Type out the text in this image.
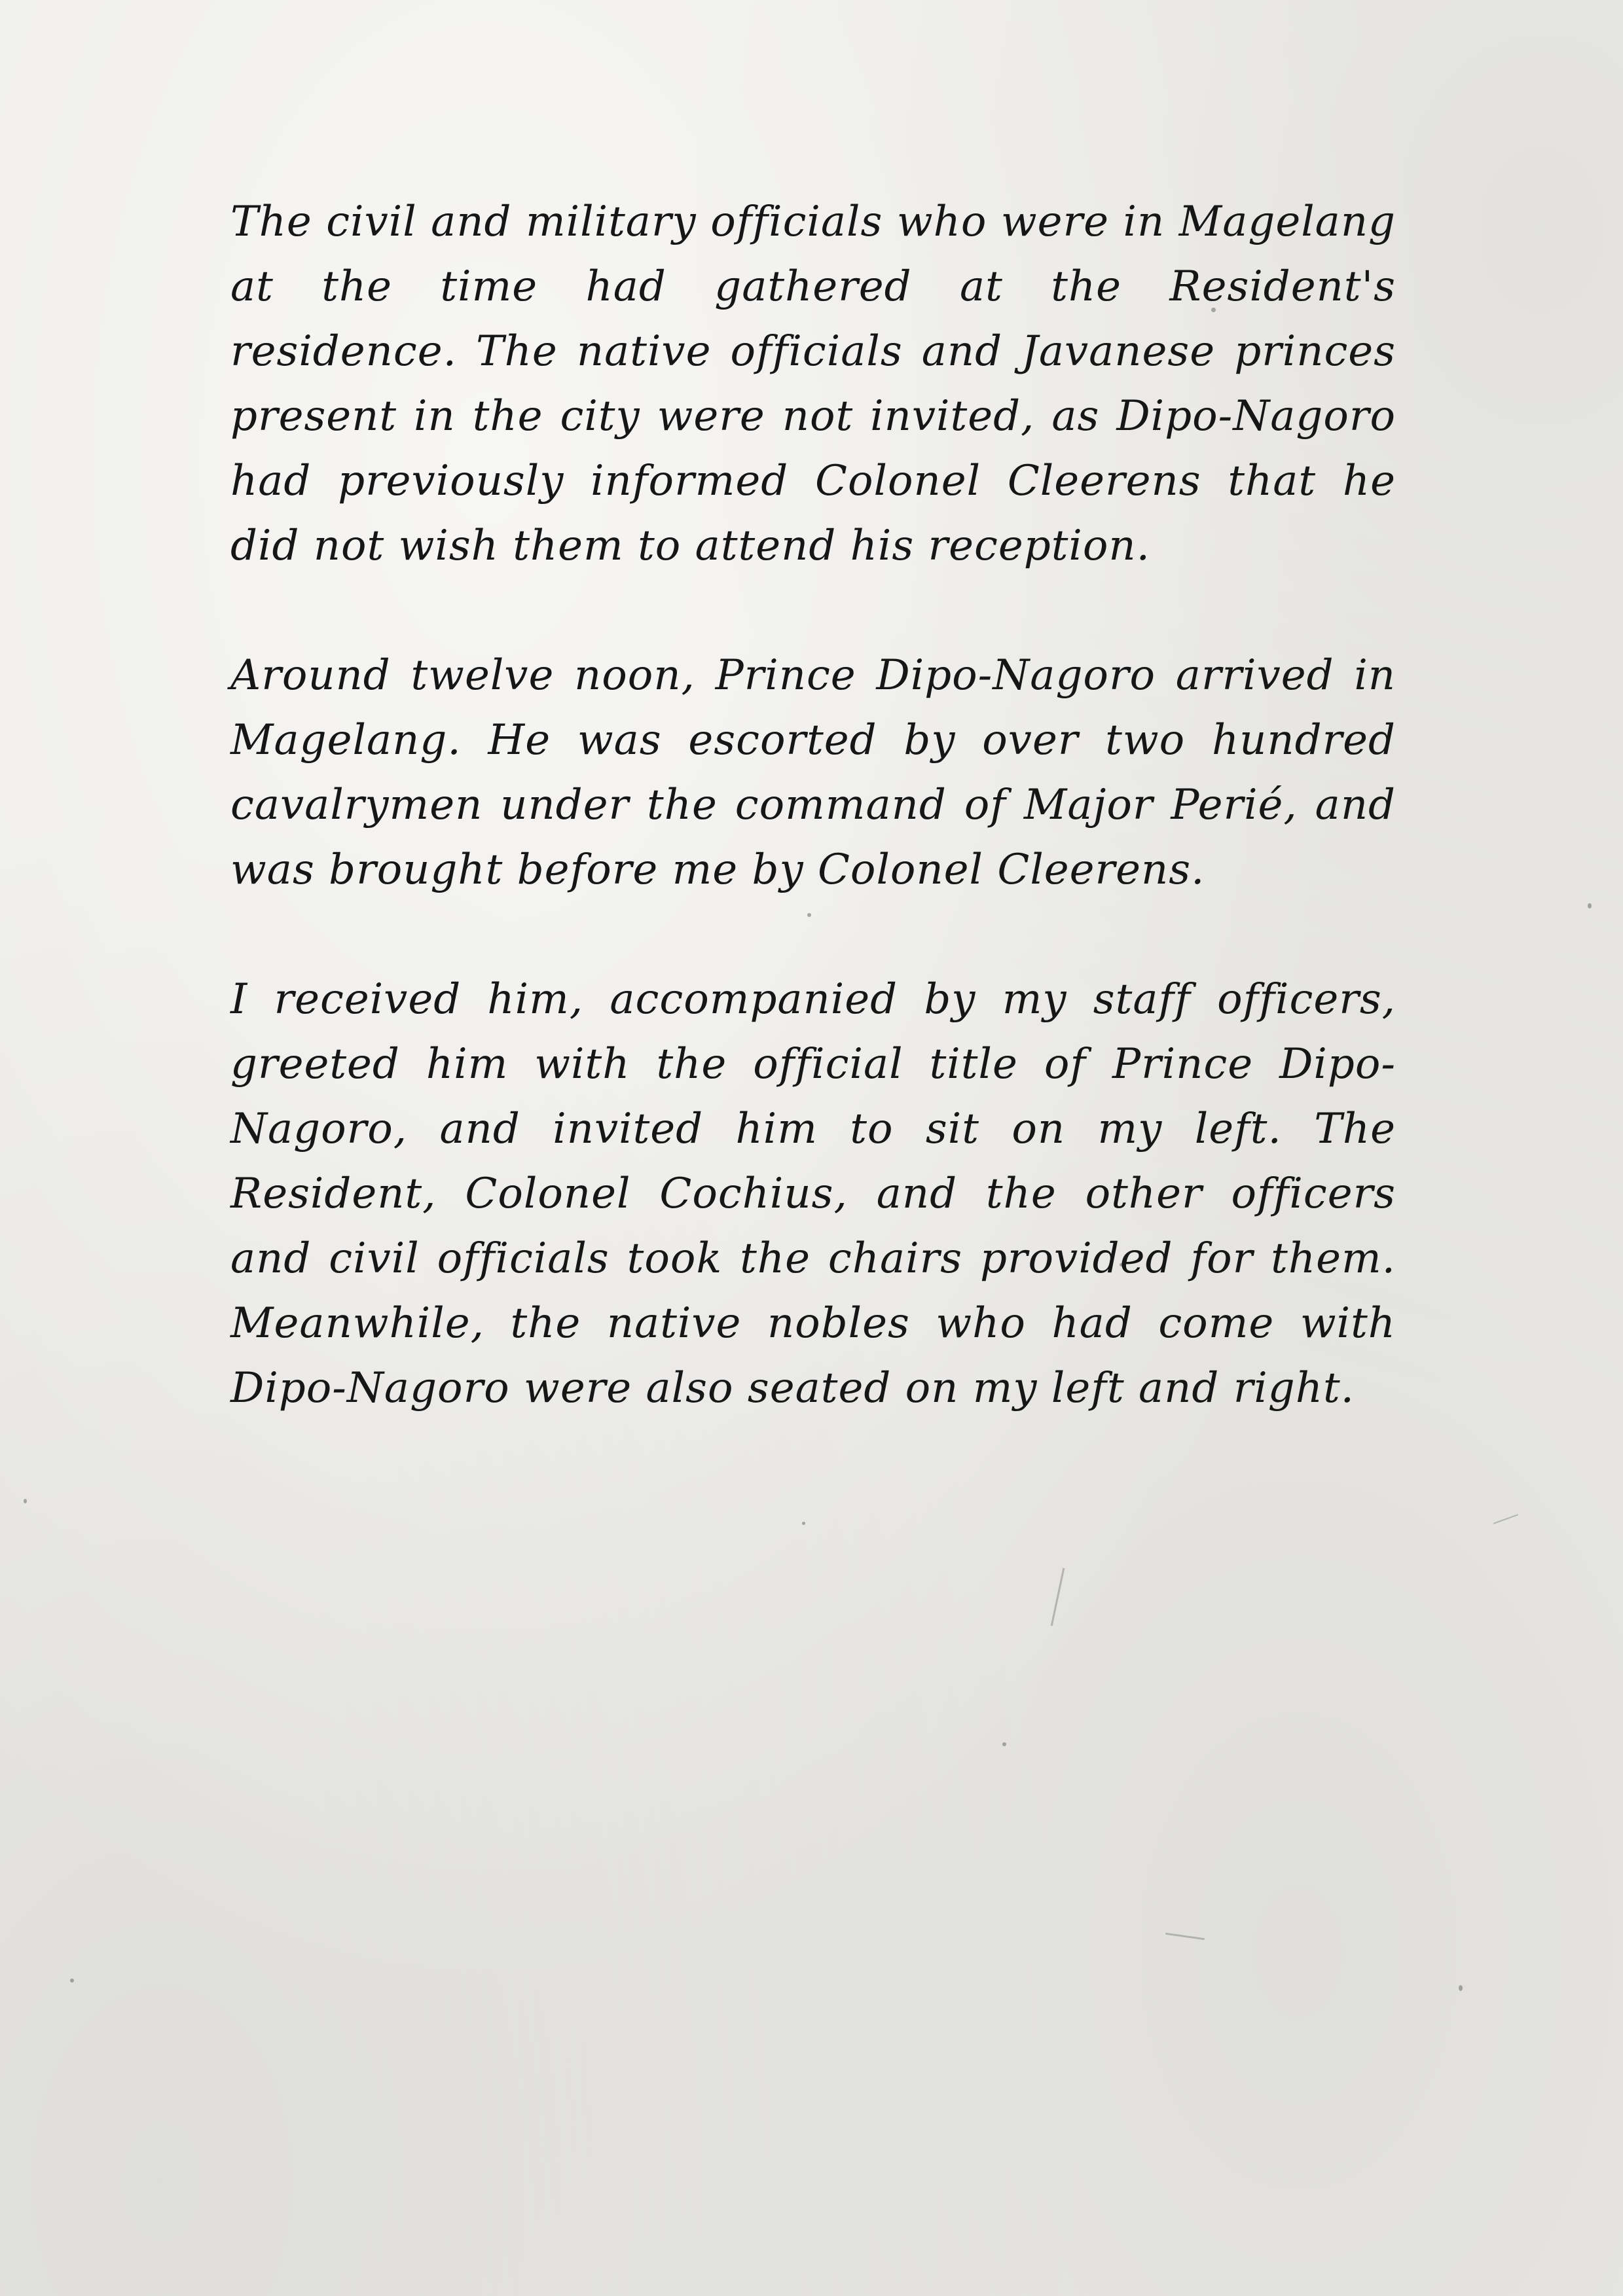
The civil and military officials who were in Magelang at the time had gathered at the Resident's residence. The native officials and Javanese princes present in the city were not invited, as Dipo-Nagoro had previously informed Colonel Cleerens that he did not wish them to attend his reception.

Around twelve noon, Prince Dipo-Nagoro arrived in Magelang. He was escorted by over two hundred cavalrymen under the command of Major Perié, and was brought before me by Colonel Cleerens.

I received him, accompanied by my staff officers, greeted him with the official title of Prince Dipo-Nagoro, and invited him to sit on my left. The Resident, Colonel Cochius, and the other officers and civil officials took the chairs provided for them. Meanwhile, the native nobles who had come with Dipo-Nagoro were also seated on my left and right.
